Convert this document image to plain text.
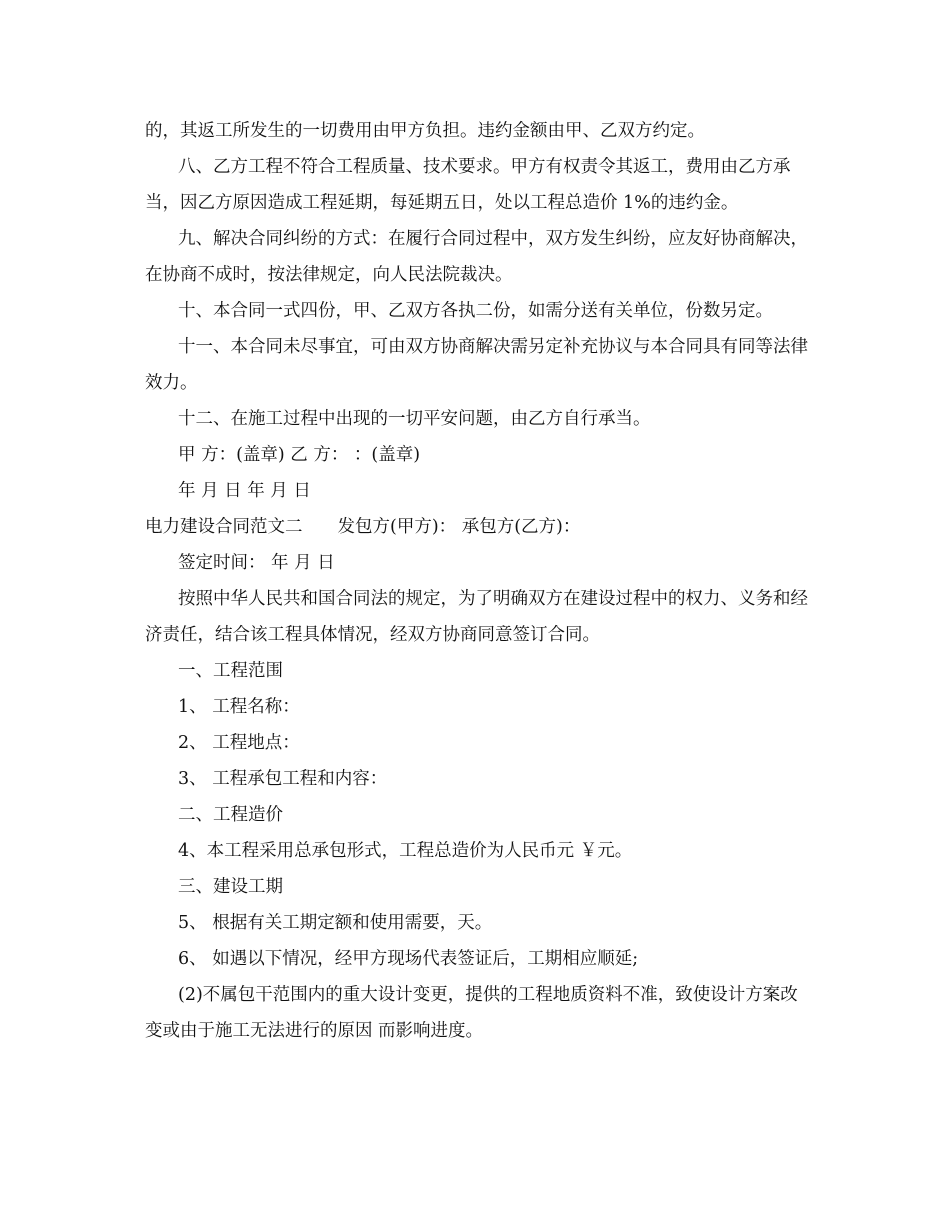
的，其返工所发生的一切费用由甲方负担。违约金额由甲、乙双方约定。

八、乙方工程不符合工程质量、技术要求。甲方有权责令其返工，费用由乙方承当，因乙方原因造成工程延期，每延期五日，处以工程总造价 1%的违约金。

九、解决合同纠纷的方式：在履行合同过程中，双方发生纠纷，应友好协商解决，在协商不成时，按法律规定，向人民法院裁决。

十、本合同一式四份，甲、乙双方各执二份，如需分送有关单位，份数另定。

十一、本合同未尽事宜，可由双方协商解决需另定补充协议与本合同具有同等法律效力。

十二、在施工过程中出现的一切平安问题，由乙方自行承当。

甲 方：(盖章) 乙 方： ：(盖章)

年 月 日 年 月 日

电力建设合同范文二　　发包方(甲方)： 承包方(乙方)：

签定时间： 年 月 日

按照中华人民共和国合同法的规定，为了明确双方在建设过程中的权力、义务和经济责任，结合该工程具体情况，经双方协商同意签订合同。

一、工程范围

1、 工程名称：

2、 工程地点：

3、 工程承包工程和内容：

二、工程造价

4、本工程采用总承包形式，工程总造价为人民币元 ￥元。

三、建设工期

5、 根据有关工期定额和使用需要，天。

6、 如遇以下情况，经甲方现场代表签证后，工期相应顺延;

(2)不属包干范围内的重大设计变更，提供的工程地质资料不准，致使设计方案改变或由于施工无法进行的原因 而影响进度。
